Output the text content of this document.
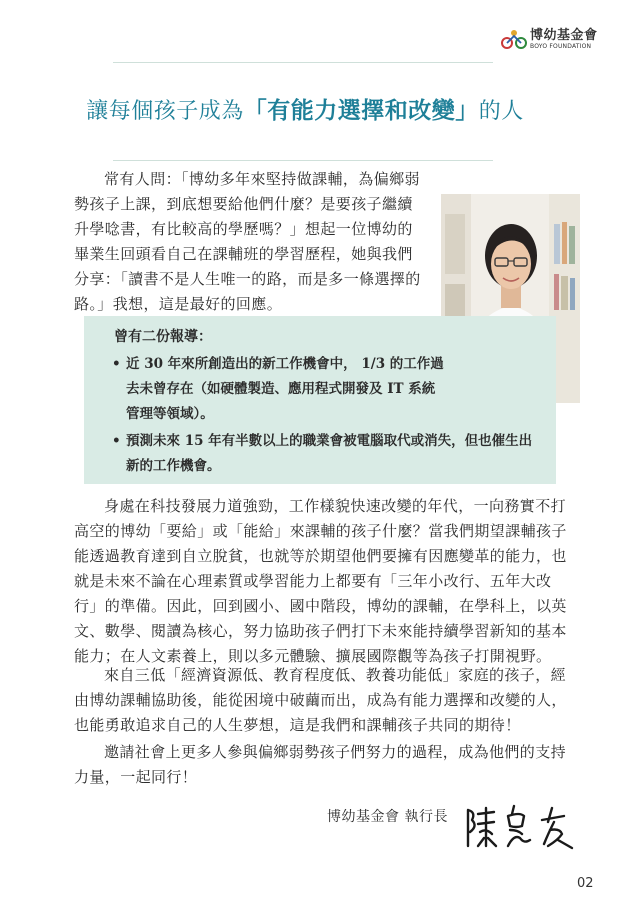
博幼基金會
BOYO FOUNDATION
讓每個孩子成為「有能力選擇和改變」的人

常有人問：「博幼多年來堅持做課輔，為偏鄉弱勢孩子上課，到底想要給他們什麼？是要孩子繼續升學唸書，有比較高的學歷嗎？」想起一位博幼的畢業生回頭看自己在課輔班的學習歷程，她與我們分享：「讀書不是人生唯一的路，而是多一條選擇的路。」我想，這是最好的回應。

曾有二份報導：
• 近 30 年來所創造出的新工作機會中， 1/3 的工作過去未曾存在（如硬體製造、應用程式開發及 IT 系統管理等領域）。
• 預測未來 15 年有半數以上的職業會被電腦取代或消失，但也催生出新的工作機會。

身處在科技發展力道強勁，工作樣貌快速改變的年代，一向務實不打高空的博幼「要給」或「能給」來課輔的孩子什麼？當我們期望課輔孩子能透過教育達到自立脫貧，也就等於期望他們要擁有因應變革的能力，也就是未來不論在心理素質或學習能力上都要有「三年小改行、五年大改行」的準備。因此，回到國小、國中階段，博幼的課輔，在學科上，以英文、數學、閱讀為核心，努力協助孩子們打下未來能持續學習新知的基本能力；在人文素養上，則以多元體驗、擴展國際觀等為孩子打開視野。

來自三低「經濟資源低、教育程度低、教養功能低」家庭的孩子，經由博幼課輔協助後，能從困境中破繭而出，成為有能力選擇和改變的人，也能勇敢追求自己的人生夢想，這是我們和課輔孩子共同的期待！

邀請社會上更多人參與偏鄉弱勢孩子們努力的過程，成為他們的支持力量，一起同行！

博幼基金會 執行長
02
